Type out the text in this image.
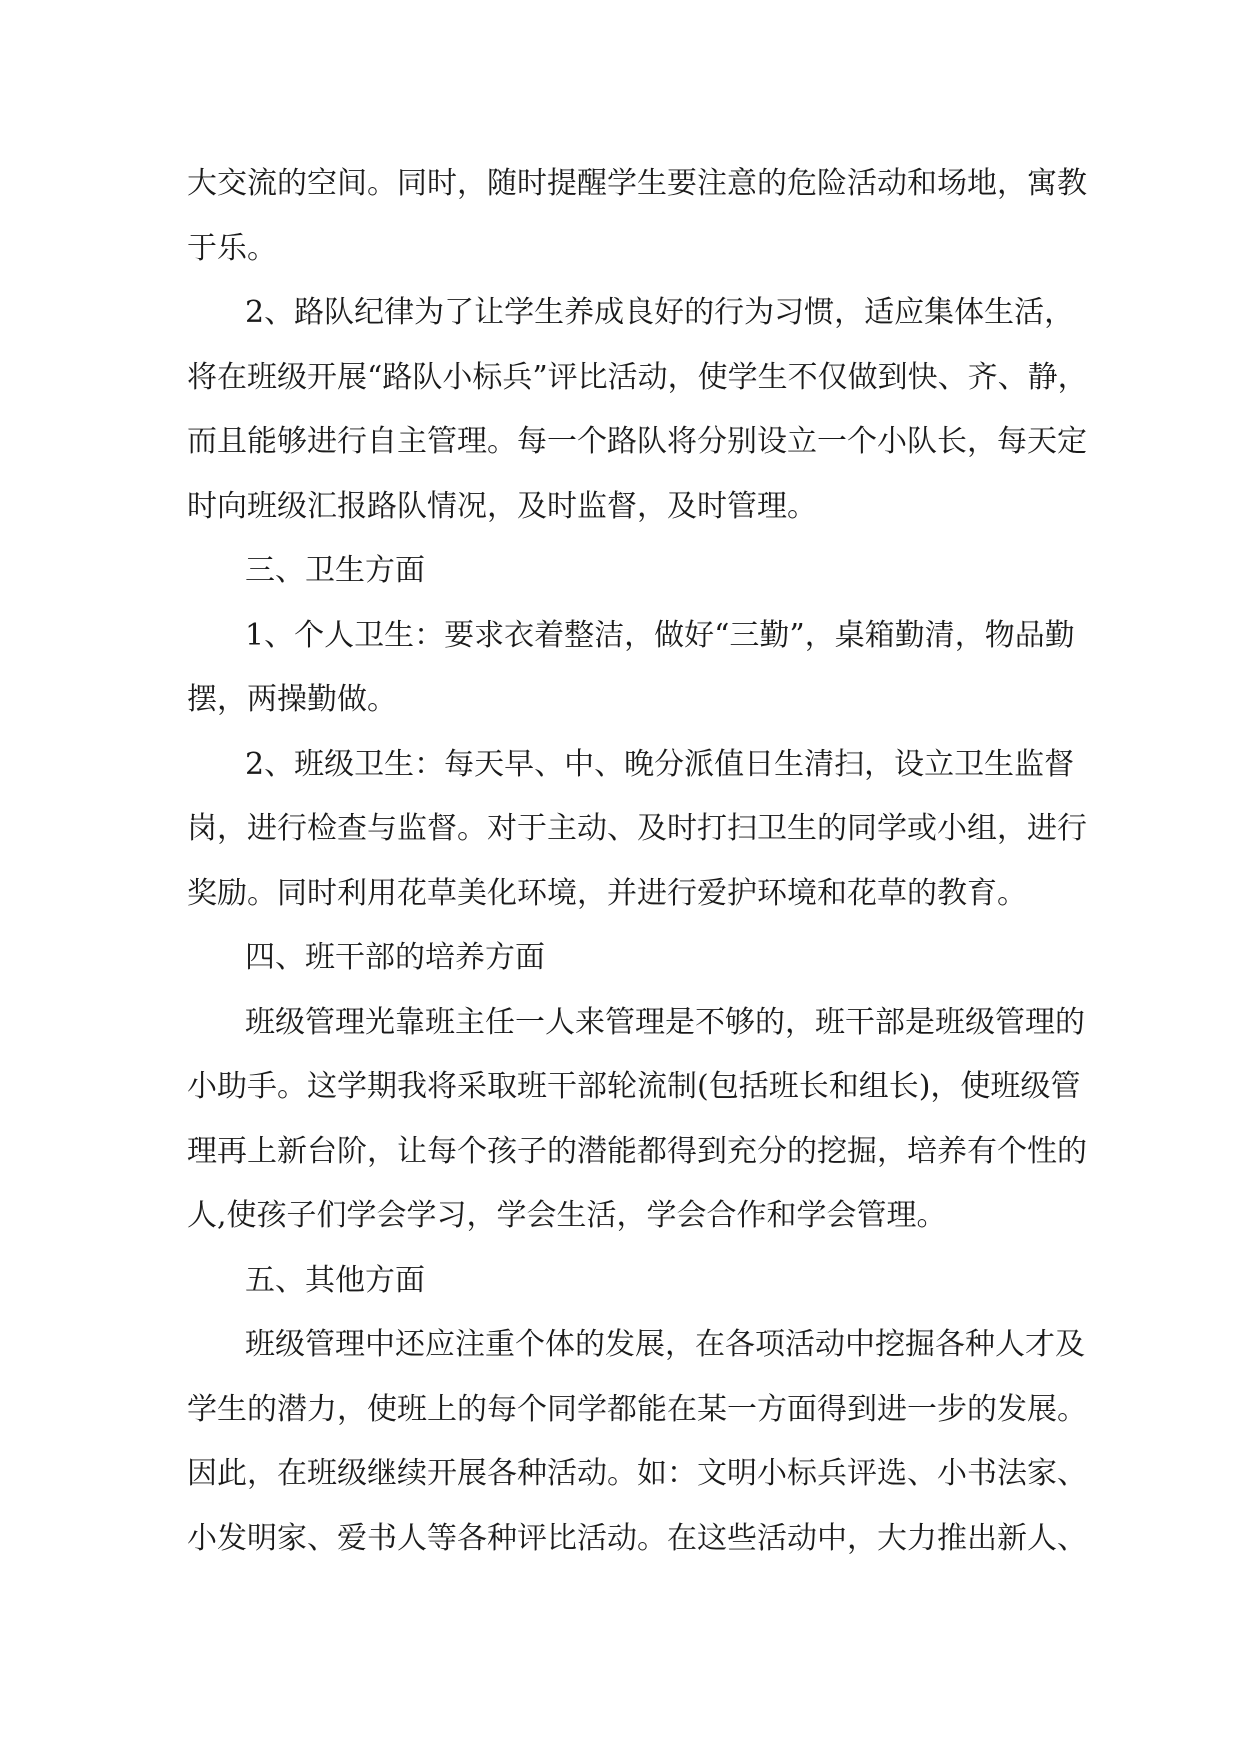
大交流的空间。同时，随时提醒学生要注意的危险活动和场地，寓教
于乐。
2、路队纪律为了让学生养成良好的行为习惯，适应集体生活，
将在班级开展“路队小标兵”评比活动，使学生不仅做到快、齐、静，
而且能够进行自主管理。每一个路队将分别设立一个小队长，每天定
时向班级汇报路队情况，及时监督，及时管理。
三、卫生方面
1、个人卫生：要求衣着整洁，做好“三勤”，桌箱勤清，物品勤
摆，两操勤做。
2、班级卫生：每天早、中、晚分派值日生清扫，设立卫生监督
岗，进行检查与监督。对于主动、及时打扫卫生的同学或小组，进行
奖励。同时利用花草美化环境，并进行爱护环境和花草的教育。
四、班干部的培养方面
班级管理光靠班主任一人来管理是不够的，班干部是班级管理的
小助手。这学期我将采取班干部轮流制(包括班长和组长)，使班级管
理再上新台阶，让每个孩子的潜能都得到充分的挖掘，培养有个性的
人,使孩子们学会学习，学会生活，学会合作和学会管理。
五、其他方面
班级管理中还应注重个体的发展，在各项活动中挖掘各种人才及
学生的潜力，使班上的每个同学都能在某一方面得到进一步的发展。
因此，在班级继续开展各种活动。如：文明小标兵评选、小书法家、
小发明家、爱书人等各种评比活动。在这些活动中，大力推出新人、
